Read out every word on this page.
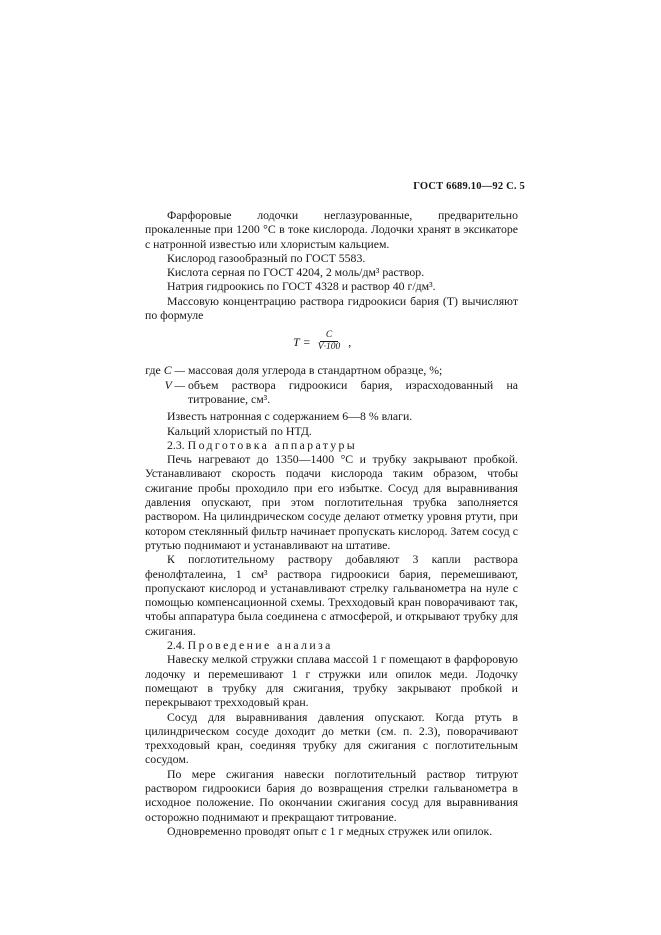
ГОСТ 6689.10—92 С. 5

Фарфоровые лодочки неглазурованные, предварительно прокаленные при 1200 °С в токе кислорода. Лодочки хранят в эксикаторе с натронной известью или хлористым кальцием.

Кислород газообразный по ГОСТ 5583.

Кислота серная по ГОСТ 4204, 2 моль/дм³ раствор.

Натрия гидроокись по ГОСТ 4328 и раствор 40 г/дм³.

Массовую концентрацию раствора гидроокиси бария (Т) вычисляют по формуле

$Т = \frac{С}{V\cdot 100}$ ,
где С — массовая доля углерода в стандартном образце, %;
V — объем раствора гидроокиси бария, израсходованный на титрование, см³.

Известь натронная с содержанием 6—8 % влаги.

Кальций хлористый по НТД.

2.3. Подготовка аппаратуры

Печь нагревают до 1350—1400 °С и трубку закрывают пробкой. Устанавливают скорость подачи кислорода таким образом, чтобы сжигание пробы проходило при его избытке. Сосуд для выравнивания давления опускают, при этом поглотительная трубка заполняется раствором. На цилиндрическом сосуде делают отметку уровня ртути, при котором стеклянный фильтр начинает пропускать кислород. Затем сосуд с ртутью поднимают и устанавливают на штативе.

К поглотительному раствору добавляют 3 капли раствора фенолфталеина, 1 см³ раствора гидроокиси бария, перемешивают, пропускают кислород и устанавливают стрелку гальванометра на нуле с помощью компенсационной схемы. Трехходовый кран поворачивают так, чтобы аппаратура была соединена с атмосферой, и открывают трубку для сжигания.

2.4. Проведение анализа

Навеску мелкой стружки сплава массой 1 г помещают в фарфоровую лодочку и перемешивают 1 г стружки или опилок меди. Лодочку помещают в трубку для сжигания, трубку закрывают пробкой и перекрывают трехходовый кран.

Сосуд для выравнивания давления опускают. Когда ртуть в цилиндрическом сосуде доходит до метки (см. п. 2.3), поворачивают трехходовый кран, соединяя трубку для сжигания с поглотительным сосудом.

По мере сжигания навески поглотительный раствор титруют раствором гидроокиси бария до возвращения стрелки гальванометра в исходное положение. По окончании сжигания сосуд для выравнивания осторожно поднимают и прекращают титрование.

Одновременно проводят опыт с 1 г медных стружек или опилок.
